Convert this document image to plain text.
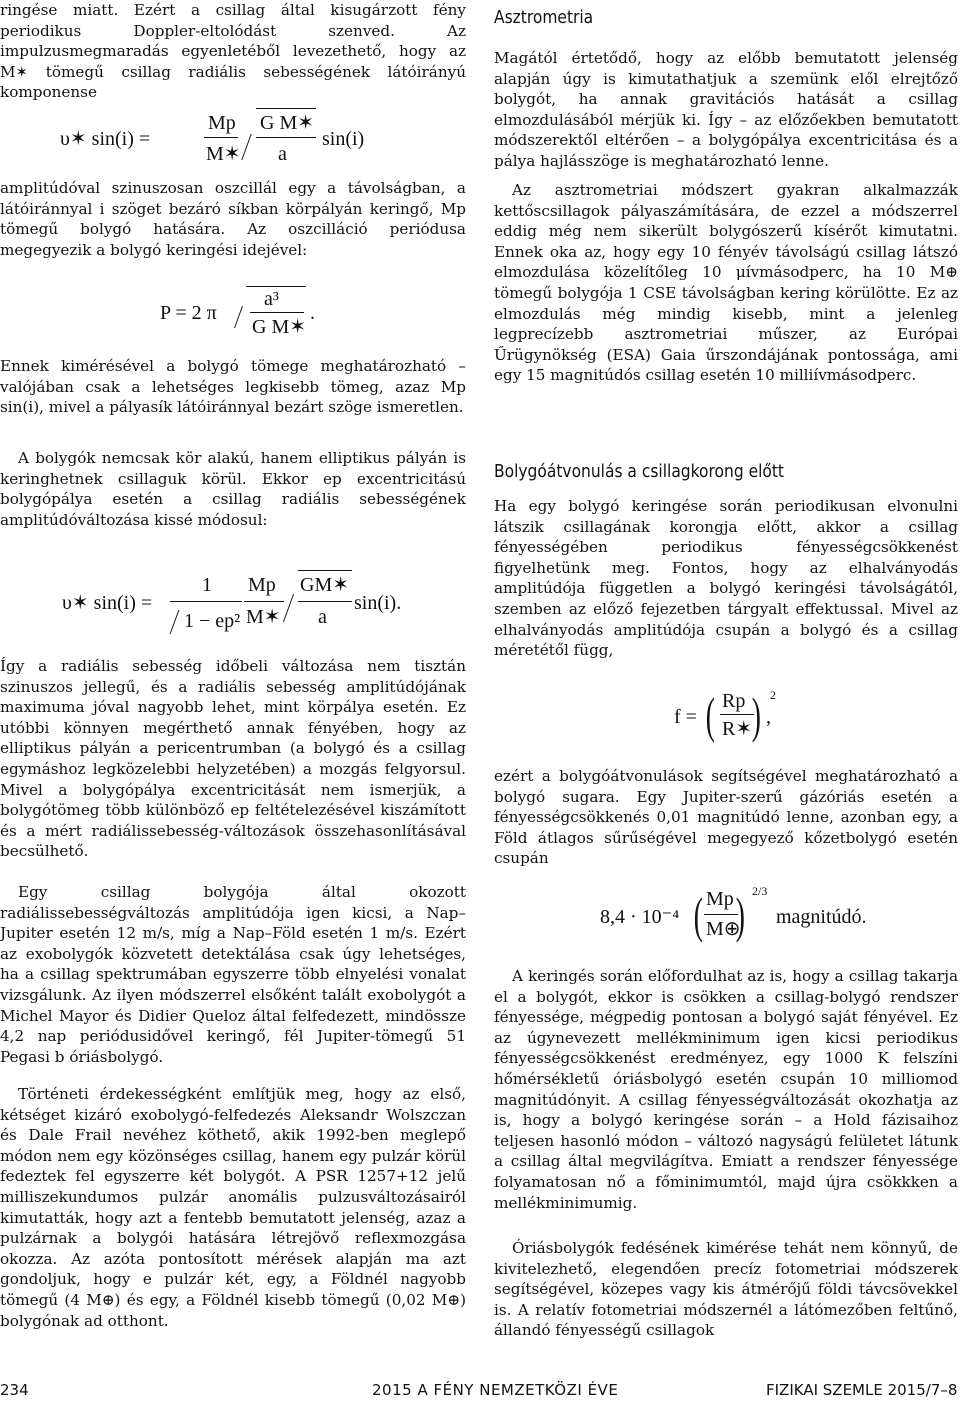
ringése miatt. Ezért a csillag által kisugárzott fény periodikus Doppler-eltolódást szenved. Az impulzusmegmaradás egyenletéből levezethető, hogy az M✶ tömegű csillag radiális sebességének látóirányú komponense

υ✶ sin(i) =
Mp
M✶
G M✶
a
sin(i)

amplitúdóval szinuszosan oszcillál egy a távolságban, a látóiránnyal i szöget bezáró síkban körpályán keringő, Mp tömegű bolygó hatására. Az oszcilláció periódusa megegyezik a bolygó keringési idejével:

P = 2 π
a³
G M✶
.

Ennek kimérésével a bolygó tömege meghatározható – valójában csak a lehetséges legkisebb tömeg, azaz Mp sin(i), mivel a pályasík látóiránnyal bezárt szöge ismeretlen.

A bolygók nemcsak kör alakú, hanem elliptikus pályán is keringhetnek csillaguk körül. Ekkor ep excentricitású bolygópálya esetén a csillag radiális sebességének amplitúdóváltozása kissé módosul:

υ✶ sin(i) =
1
1 − ep²
Mp
M✶
GM✶
a
sin(i).

Így a radiális sebesség időbeli változása nem tisztán szinuszos jellegű, és a radiális sebesség amplitúdójának maximuma jóval nagyobb lehet, mint körpálya esetén. Ez utóbbi könnyen megérthető annak fényében, hogy az elliptikus pályán a pericentrumban (a bolygó és a csillag egymáshoz legközelebbi helyzetében) a mozgás felgyorsul. Mivel a bolygópálya excentricitását nem ismerjük, a bolygótömeg több különböző ep feltételezésével kiszámított és a mért radiálissebesség-változások összehasonlításával becsülhető.

Egy csillag bolygója által okozott radiálissebességváltozás amplitúdója igen kicsi, a Nap–Jupiter esetén 12 m/s, míg a Nap–Föld esetén 1 m/s. Ezért az exobolygók közvetett detektálása csak úgy lehetséges, ha a csillag spektrumában egyszerre több elnyelési vonalat vizsgálunk. Az ilyen módszerrel elsőként talált exobolygót a Michel Mayor és Didier Queloz által felfedezett, mindössze 4,2 nap periódusidővel keringő, fél Jupiter-tömegű 51 Pegasi b óriásbolygó.

Történeti érdekességként említjük meg, hogy az első, kétséget kizáró exobolygó-felfedezés Aleksandr Wolszczan és Dale Frail nevéhez köthető, akik 1992-ben meglepő módon nem egy közönséges csillag, hanem egy pulzár körül fedeztek fel egyszerre két bolygót. A PSR 1257+12 jelű milliszekundumos pulzár anomális pulzusváltozásairól kimutatták, hogy azt a fentebb bemutatott jelenség, azaz a pulzárnak a bolygói hatására létrejövő reflexmozgása okozza. Az azóta pontosított mérések alapján ma azt gondoljuk, hogy e pulzár két, egy, a Földnél nagyobb tömegű (4 M⊕) és egy, a Földnél kisebb tömegű (0,02 M⊕) bolygónak ad otthont.

Asztrometria

Magától értetődő, hogy az előbb bemutatott jelenség alapján úgy is kimutathatjuk a szemünk elől elrejtőző bolygót, ha annak gravitációs hatását a csillag elmozdulásából mérjük ki. Így – az előzőekben bemutatott módszerektől eltérően – a bolygópálya excentricitása és a pálya hajlásszöge is meghatározható lenne.

Az asztrometriai módszert gyakran alkalmazzák kettőscsillagok pályaszámítására, de ezzel a módszerrel eddig még nem sikerült bolygószerű kísérőt kimutatni. Ennek oka az, hogy egy 10 fényév távolságú csillag látszó elmozdulása közelítőleg 10 μívmásodperc, ha 10 M⊕ tömegű bolygója 1 CSE távolságban kering körülötte. Ez az elmozdulás még mindig kisebb, mint a jelenleg legprecízebb asztrometriai műszer, az Európai Űrügynökség (ESA) Gaia űrszondájának pontossága, ami egy 15 magnitúdós csillag esetén 10 milliívmásodperc.

Bolygóátvonulás a csillagkorong előtt

Ha egy bolygó keringése során periodikusan elvonulni látszik csillagának korongja előtt, akkor a csillag fényességében periodikus fényességcsökkenést figyelhetünk meg. Fontos, hogy az elhalványodás amplitúdója független a bolygó keringési távolságától, szemben az előző fejezetben tárgyalt effektussal. Mivel az elhalványodás amplitúdója csupán a bolygó és a csillag méretétől függ,

f = ( Rp
R✶ ) 2
,

ezért a bolygóátvonulások segítségével meghatározható a bolygó sugara. Egy Jupiter-szerű gázóriás esetén a fényességcsökkenés 0,01 magnitúdó lenne, azonban egy, a Föld átlagos sűrűségével megegyező kőzetbolygó esetén csupán

8,4 · 10⁻⁴ ( Mp
M⊕
) 2/3
magnitúdó.

A keringés során előfordulhat az is, hogy a csillag takarja el a bolygót, ekkor is csökken a csillag-bolygó rendszer fényessége, mégpedig pontosan a bolygó saját fényével. Ez az úgynevezett mellékminimum igen kicsi periodikus fényességcsökkenést eredményez, egy 1000 K felszíni hőmérsékletű óriásbolygó esetén csupán 10 milliomod magnitúdónyit. A csillag fényességváltozását okozhatja az is, hogy a bolygó keringése során – a Hold fázisaihoz teljesen hasonló módon – változó nagyságú felületet látunk a csillag által megvilágítva. Emiatt a rendszer fényessége folyamatosan nő a főminimumtól, majd újra csökkken a mellékminimumig.

Óriásbolygók fedésének kimérése tehát nem könnyű, de kivitelezhető, elegendően precíz fotometriai módszerek segítségével, közepes vagy kis átmérőjű földi távcsövekkel is. A relatív fotometriai módszernél a látómezőben feltűnő, állandó fényességű csillagok

234	2015 A FÉNY NEMZETKÖZI ÉVE	FIZIKAI SZEMLE 2015/7–8
